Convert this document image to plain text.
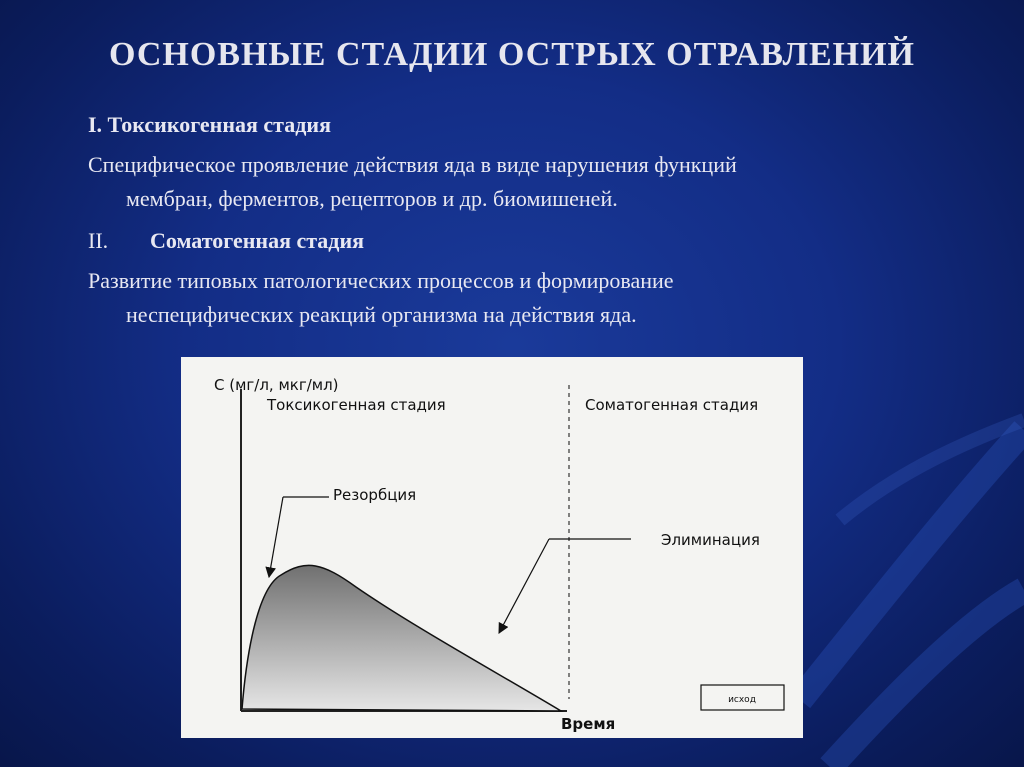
ОСНОВНЫЕ СТАДИИ ОСТРЫХ ОТРАВЛЕНИЙ

I. Токсикогенная стадия

Специфическое проявление действия яда в виде нарушения функций
мембран, ферментов, рецепторов и др. биомишеней.

II. Соматогенная стадия

Развитие типовых патологических процессов и формирование
неспецифических реакций организма на действия яда.

С (мг/л, мкг/мл)
Токсикогенная стадия	Соматогенная стадия
Резорбция
Элиминация
Время
исход
